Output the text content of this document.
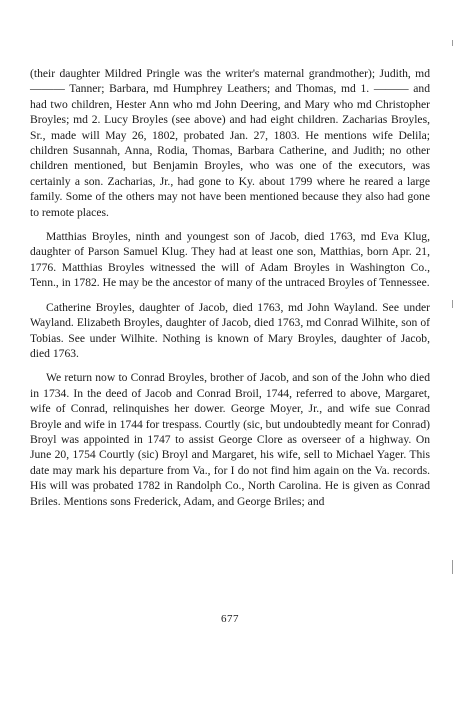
(their daughter Mildred Pringle was the writer's maternal grandmother); Judith, md ——— Tanner; Barbara, md Humphrey Leathers; and Thomas, md 1. ——— and had two children, Hester Ann who md John Deering, and Mary who md Christopher Broyles; md 2. Lucy Broyles (see above) and had eight children. Zacharias Broyles, Sr., made will May 26, 1802, probated Jan. 27, 1803. He mentions wife Delila; children Susannah, Anna, Rodia, Thomas, Barbara Catherine, and Judith; no other children mentioned, but Benjamin Broyles, who was one of the executors, was certainly a son. Zacharias, Jr., had gone to Ky. about 1799 where he reared a large family. Some of the others may not have been mentioned because they also had gone to remote places.

Matthias Broyles, ninth and youngest son of Jacob, died 1763, md Eva Klug, daughter of Parson Samuel Klug. They had at least one son, Matthias, born Apr. 21, 1776. Matthias Broyles witnessed the will of Adam Broyles in Washington Co., Tenn., in 1782. He may be the ancestor of many of the untraced Broyles of Tennessee.

Catherine Broyles, daughter of Jacob, died 1763, md John Wayland. See under Wayland. Elizabeth Broyles, daughter of Jacob, died 1763, md Conrad Wilhite, son of Tobias. See under Wilhite. Nothing is known of Mary Broyles, daughter of Jacob, died 1763.

We return now to Conrad Broyles, brother of Jacob, and son of the John who died in 1734. In the deed of Jacob and Conrad Broil, 1744, referred to above, Margaret, wife of Conrad, relinquishes her dower. George Moyer, Jr., and wife sue Conrad Broyle and wife in 1744 for trespass. Courtly (sic, but undoubtedly meant for Conrad) Broyl was appointed in 1747 to assist George Clore as overseer of a highway. On June 20, 1754 Courtly (sic) Broyl and Margaret, his wife, sell to Michael Yager. This date may mark his departure from Va., for I do not find him again on the Va. records. His will was probated 1782 in Randolph Co., North Carolina. He is given as Conrad Briles. Mentions sons Frederick, Adam, and George Briles; and

677
